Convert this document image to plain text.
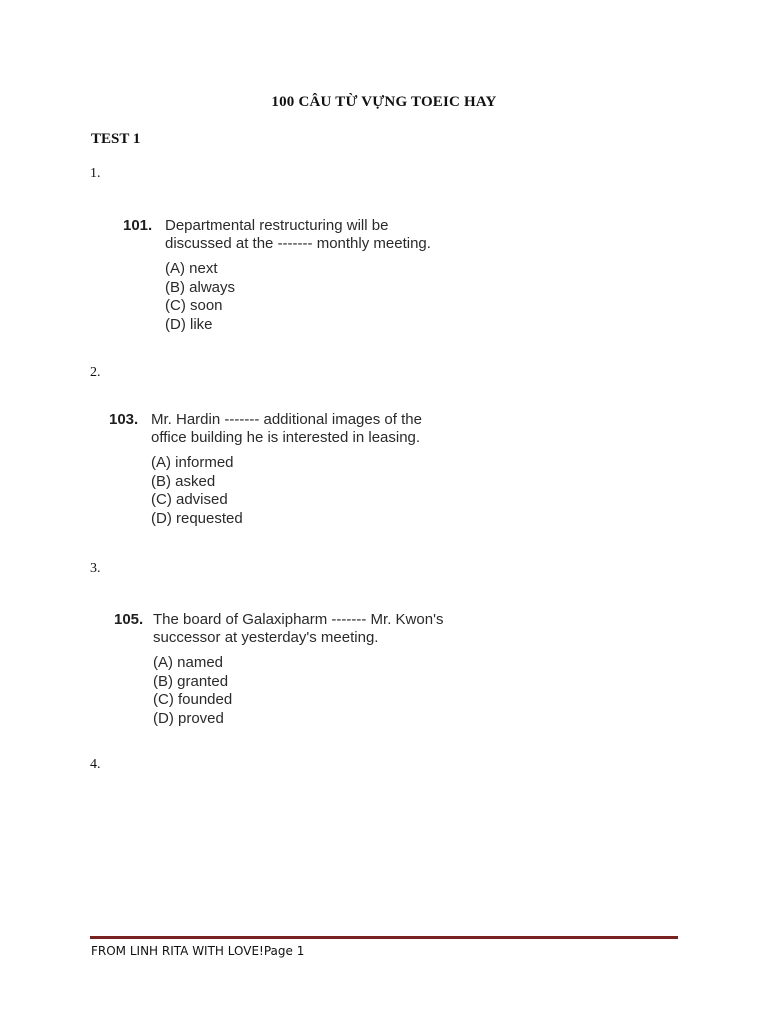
100 CÂU TỪ VỰNG TOEIC HAY
TEST 1
1.
101. Departmental restructuring will be
discussed at the ------- monthly meeting.
(A) next
(B) always
(C) soon
(D) like
2.
103. Mr. Hardin ------- additional images of the
office building he is interested in leasing.
(A) informed
(B) asked
(C) advised
(D) requested
3.
105. The board of Galaxipharm ------- Mr. Kwon's
successor at yesterday's meeting.
(A) named
(B) granted
(C) founded
(D) proved
4.
FROM LINH RITA WITH LOVE!Page 1
